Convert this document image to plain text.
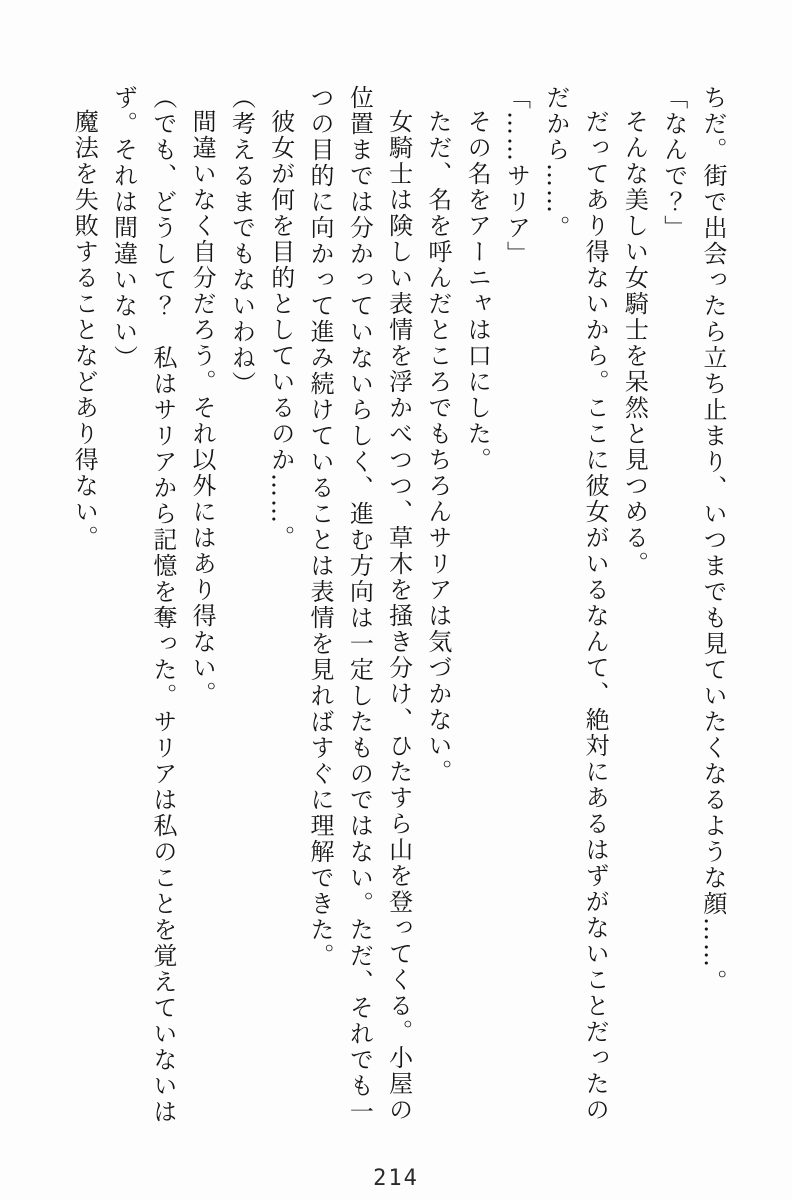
ちだ。街で出会ったら立ち止まり、いつまでも見ていたくなるような顔……。

「なんで？」

そんな美しい女騎士を呆然と見つめる。

だってあり得ないから。ここに彼女がいるなんて、絶対にあるはずがないことだったのだから……。

「……サリア」

その名をアーニャは口にした。

ただ、名を呼んだところでもちろんサリアは気づかない。

女騎士は険しい表情を浮かべつつ、草木を掻き分け、ひたすら山を登ってくる。小屋の位置までは分かっていないらしく、進む方向は一定したものではない。ただ、それでも一つの目的に向かって進み続けていることは表情を見ればすぐに理解できた。

彼女が何を目的としているのか……。

（考えるまでもないわね）

間違いなく自分だろう。それ以外にはあり得ない。

（でも、どうして？　私はサリアから記憶を奪った。サリアは私のことを覚えていないはず。それは間違いない）

魔法を失敗することなどあり得ない。

214
